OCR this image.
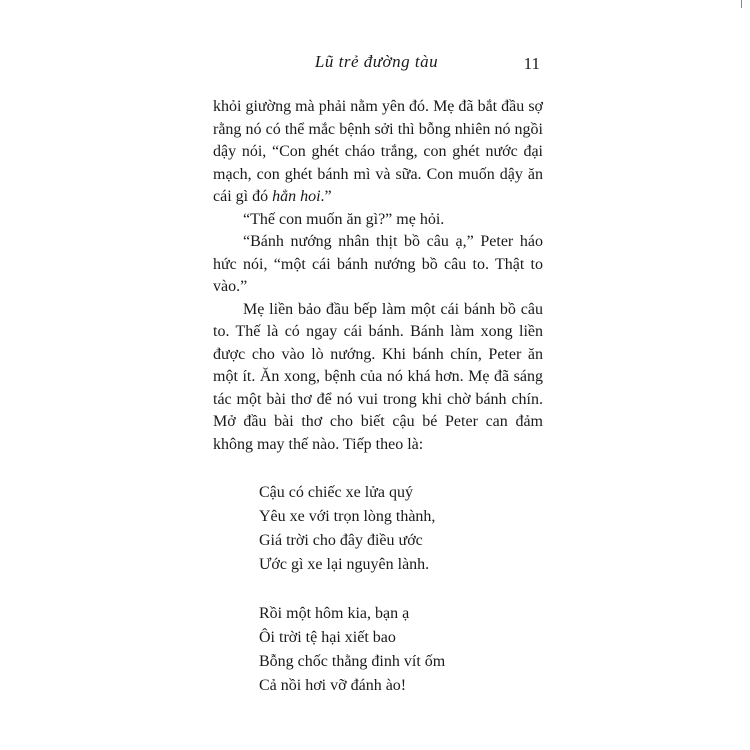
Lũ trẻ đường tàu	11

khỏi giường mà phải nằm yên đó. Mẹ đã bắt đầu sợ rằng nó có thể mắc bệnh sởi thì bỗng nhiên nó ngồi dậy nói, “Con ghét cháo trắng, con ghét nước đại mạch, con ghét bánh mì và sữa. Con muốn dậy ăn cái gì đó hẳn hoi.”

“Thế con muốn ăn gì?” mẹ hỏi.

“Bánh nướng nhân thịt bồ câu ạ,” Peter háo hức nói, “một cái bánh nướng bồ câu to. Thật to vào.”

Mẹ liền bảo đầu bếp làm một cái bánh bồ câu to. Thế là có ngay cái bánh. Bánh làm xong liền được cho vào lò nướng. Khi bánh chín, Peter ăn một ít. Ăn xong, bệnh của nó khá hơn. Mẹ đã sáng tác một bài thơ để nó vui trong khi chờ bánh chín. Mở đầu bài thơ cho biết cậu bé Peter can đảm không may thế nào. Tiếp theo là:

Cậu có chiếc xe lửa quý
Yêu xe với trọn lòng thành,
Giá trời cho đây điều ước
Ước gì xe lại nguyên lành.
Rồi một hôm kia, bạn ạ
Ôi trời tệ hại xiết bao
Bỗng chốc thằng đinh vít ốm
Cả nồi hơi vỡ đánh ào!
